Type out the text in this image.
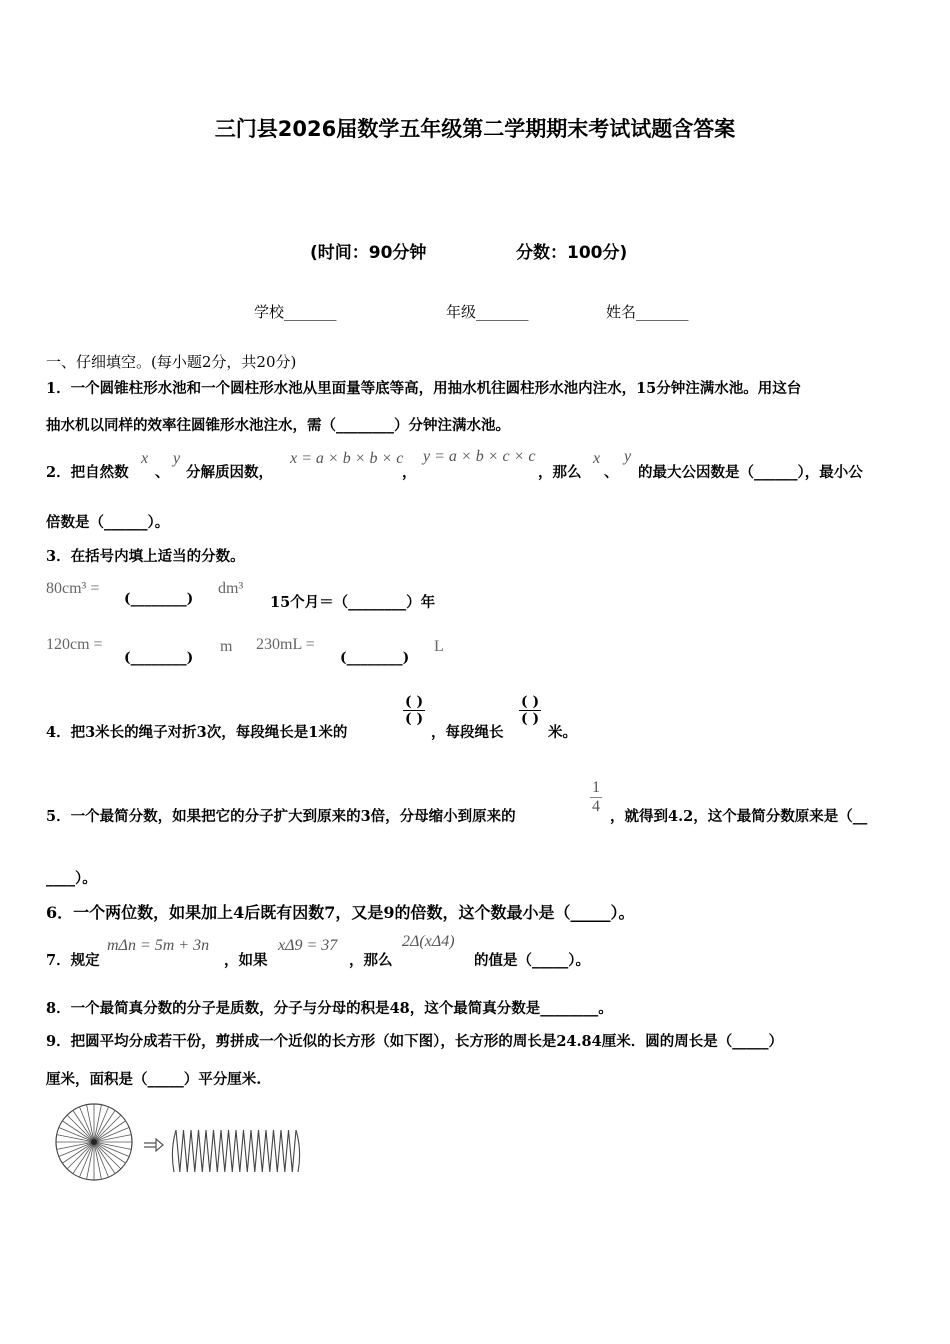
三门县2026届数学五年级第二学期期末考试试题含答案
(时间：90分钟	分数：100分)
学校_______	年级_______	姓名_______
一、仔细填空。(每小题2分，共20分)
1．一个圆锥柱形水池和一个圆柱形水池从里面量等底等高，用抽水机往圆柱形水池内注水，15分钟注满水池。用这台
抽水机以同样的效率往圆锥形水池注水，需（________）分钟注满水池。
2．把自然数
x
、
y
分解质因数，
x = a × b × b × c
，
y = a × b × c × c
，那么
x
、
y
的最大公因数是（______），最小公
倍数是（______）。
3．在括号内填上适当的分数。
80cm³ =
(________)
dm³
15个月＝（________）年
120cm =
(________)
m 230mL =
(________)
L
4．把3米长的绳子对折3次，每段绳长是1米的
$\frac{( )}{( )}$
，每段绳长
$\frac{( )}{( )}$
米。
5．一个最简分数，如果把它的分子扩大到原来的3倍，分母缩小到原来的
$\frac{1}{4}$
，就得到4.2，这个最简分数原来是（__
____）。
6．一个两位数，如果加上4后既有因数7，又是9的倍数，这个数最小是（_____）。
7．规定
mΔn = 5m + 3n
，如果
xΔ9 = 37
，那么
2Δ(xΔ4)
的值是（_____）。
8．一个最简真分数的分子是质数，分子与分母的积是48，这个最简真分数是________。
9．把圆平均分成若干份，剪拼成一个近似的长方形（如下图），长方形的周长是24.84厘米．圆的周长是（_____）
厘米，面积是（_____）平分厘米.
